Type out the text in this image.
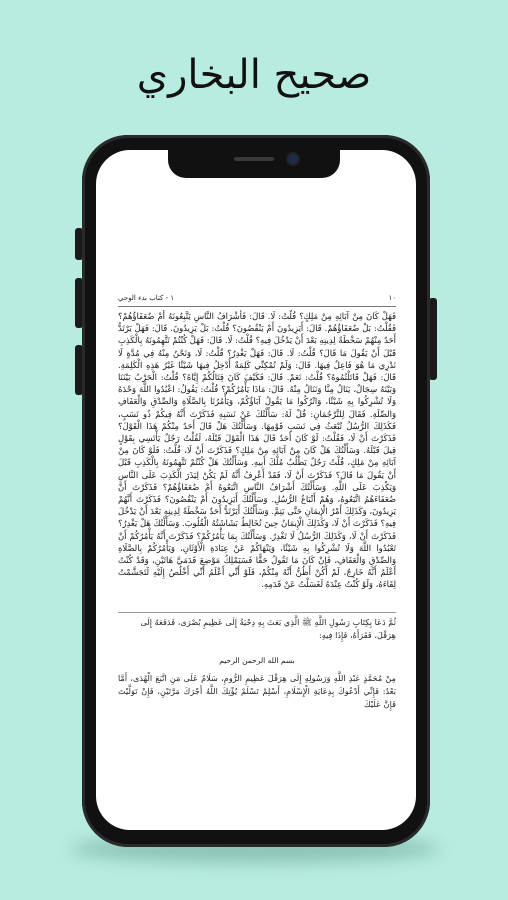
صحيح البخاري
١٠
١ - كتاب بدء الوحي

فَهَلْ كَانَ مِنْ آبَائِهِ مِنْ مَلِكٍ؟ قُلْتُ: لَا. قَالَ: فَأَشْرَافُ النَّاسِ يَتَّبِعُونَهُ أَمْ ضُعَفَاؤُهُمْ؟ فَقُلْتُ: بَلْ ضُعَفَاؤُهُمْ. قَالَ: أَيَزِيدُونَ أَمْ يَنْقُصُونَ؟ قُلْتُ: بَلْ يَزِيدُونَ. قَالَ: فَهَلْ يَرْتَدُّ أَحَدٌ مِنْهُمْ سَخْطَةً لِدِينِهِ بَعْدَ أَنْ يَدْخُلَ فِيهِ؟ قُلْتُ: لَا. قَالَ: فَهَلْ كُنْتُمْ تَتَّهِمُونَهُ بِالْكَذِبِ قَبْلَ أَنْ يَقُولَ مَا قَالَ؟ قُلْتُ: لَا. قَالَ: فَهَلْ يَغْدِرُ؟ قُلْتُ: لَا، وَنَحْنُ مِنْهُ فِي مُدَّةٍ لَا نَدْرِي مَا هُوَ فَاعِلٌ فِيهَا. قَالَ: وَلَمْ تُمْكِنِّي كَلِمَةٌ أُدْخِلُ فِيهَا شَيْئًا غَيْرُ هَذِهِ الْكَلِمَةِ. قَالَ: فَهَلْ قَاتَلْتُمُوهُ؟ قُلْتُ: نَعَمْ. قَالَ: فَكَيْفَ كَانَ قِتَالُكُمْ إِيَّاهُ؟ قُلْتُ: الْحَرْبُ بَيْنَنَا وَبَيْنَهُ سِجَالٌ، يَنَالُ مِنَّا وَنَنَالُ مِنْهُ. قَالَ: مَاذَا يَأْمُرُكُمْ؟ قُلْتُ: يَقُولُ: اعْبُدُوا اللَّهَ وَحْدَهُ وَلَا تُشْرِكُوا بِهِ شَيْئًا، وَاتْرُكُوا مَا يَقُولُ آبَاؤُكُمْ، وَيَأْمُرُنَا بِالصَّلَاةِ وَالصِّدْقِ وَالْعَفَافِ وَالصِّلَةِ. فَقَالَ لِلتَّرْجُمَانِ: قُلْ لَهُ: سَأَلْتُكَ عَنْ نَسَبِهِ فَذَكَرْتَ أَنَّهُ فِيكُمْ ذُو نَسَبٍ، فَكَذَلِكَ الرُّسُلُ تُبْعَثُ فِي نَسَبِ قَوْمِهَا. وَسَأَلْتُكَ هَلْ قَالَ أَحَدٌ مِنْكُمْ هَذَا الْقَوْلَ؟ فَذَكَرْتَ أَنْ لَا، فَقُلْتُ: لَوْ كَانَ أَحَدٌ قَالَ هَذَا الْقَوْلَ قَبْلَهُ، لَقُلْتُ رَجُلٌ يَأْتَسِي بِقَوْلٍ قِيلَ قَبْلَهُ. وَسَأَلْتُكَ هَلْ كَانَ مِنْ آبَائِهِ مِنْ مَلِكٍ؟ فَذَكَرْتَ أَنْ لَا، قُلْتُ: فَلَوْ كَانَ مِنْ آبَائِهِ مِنْ مَلِكٍ، قُلْتُ رَجُلٌ يَطْلُبُ مُلْكَ أَبِيهِ. وَسَأَلْتُكَ هَلْ كُنْتُمْ تَتَّهِمُونَهُ بِالْكَذِبِ قَبْلَ أَنْ يَقُولَ مَا قَالَ؟ فَذَكَرْتَ أَنْ لَا، فَقَدْ أَعْرِفُ أَنَّهُ لَمْ يَكُنْ لِيَذَرَ الْكَذِبَ عَلَى النَّاسِ وَيَكْذِبَ عَلَى اللَّهِ. وَسَأَلْتُكَ أَشْرَافُ النَّاسِ اتَّبَعُوهُ أَمْ ضُعَفَاؤُهُمْ؟ فَذَكَرْتَ أَنَّ ضُعَفَاءَهُمُ اتَّبَعُوهُ، وَهُمْ أَتْبَاعُ الرُّسُلِ. وَسَأَلْتُكَ أَيَزِيدُونَ أَمْ يَنْقُصُونَ؟ فَذَكَرْتَ أَنَّهُمْ يَزِيدُونَ، وَكَذَلِكَ أَمْرُ الْإِيمَانِ حَتَّى يَتِمَّ. وَسَأَلْتُكَ أَيَرْتَدُّ أَحَدٌ سَخْطَةً لِدِينِهِ بَعْدَ أَنْ يَدْخُلَ فِيهِ؟ فَذَكَرْتَ أَنْ لَا، وَكَذَلِكَ الْإِيمَانُ حِينَ تُخَالِطُ بَشَاشَتُهُ الْقُلُوبَ. وَسَأَلْتُكَ هَلْ يَغْدِرُ؟ فَذَكَرْتَ أَنْ لَا، وَكَذَلِكَ الرُّسُلُ لَا تَغْدِرُ. وَسَأَلْتُكَ بِمَا يَأْمُرُكُمْ؟ فَذَكَرْتَ أَنَّهُ يَأْمُرُكُمْ أَنْ تَعْبُدُوا اللَّهَ وَلَا تُشْرِكُوا بِهِ شَيْئًا، وَيَنْهَاكُمْ عَنْ عِبَادَةِ الْأَوْثَانِ، وَيَأْمُرُكُمْ بِالصَّلَاةِ وَالصِّدْقِ وَالْعَفَافِ، فَإِنْ كَانَ مَا تَقُولُ حَقًّا فَسَيَمْلِكُ مَوْضِعَ قَدَمَيَّ هَاتَيْنِ، وَقَدْ كُنْتُ أَعْلَمُ أَنَّهُ خَارِجٌ، لَمْ أَكُنْ أَظُنُّ أَنَّهُ مِنْكُمْ، فَلَوْ أَنِّي أَعْلَمُ أَنِّي أَخْلُصُ إِلَيْهِ لَتَجَشَّمْتُ لِقَاءَهُ، وَلَوْ كُنْتُ عِنْدَهُ لَغَسَلْتُ عَنْ قَدَمِهِ.

ثُمَّ دَعَا بِكِتَابِ رَسُولِ اللَّهِ ﷺ الَّذِي بَعَثَ بِهِ دِحْيَةُ إِلَى عَظِيمِ بُصْرَى، فَدَفَعَهُ إِلَى هِرَقْلَ، فَقَرَأَهُ، فَإِذَا فِيهِ:
بسم الله الرحمن الرحيم
مِنْ مُحَمَّدٍ عَبْدِ اللَّهِ وَرَسُولِهِ إِلَى هِرَقْلَ عَظِيمِ الرُّومِ، سَلَامٌ عَلَى مَنِ اتَّبَعَ الْهُدَى، أَمَّا بَعْدُ: فَإِنِّي أَدْعُوكَ بِدِعَايَةِ الْإِسْلَامِ، أَسْلِمْ تَسْلَمْ يُؤْتِكَ اللَّهُ أَجْرَكَ مَرَّتَيْنِ، فَإِنْ تَوَلَّيْتَ فَإِنَّ عَلَيْكَ
